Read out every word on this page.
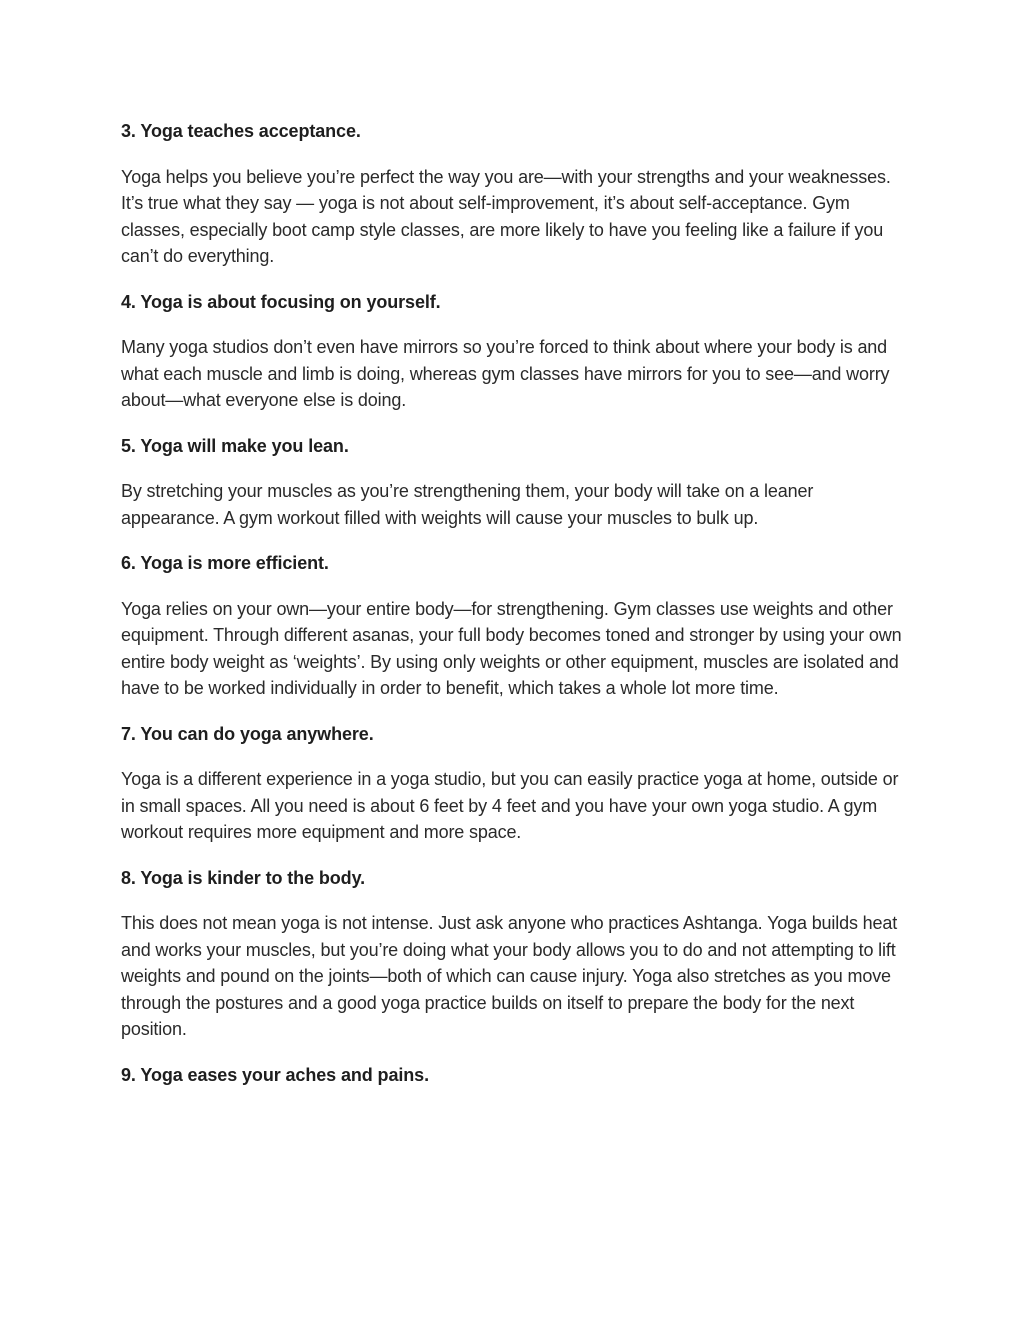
3. Yoga teaches acceptance.

Yoga helps you believe you’re perfect the way you are—with your strengths and your weaknesses. It’s true what they say — yoga is not about self-improvement, it’s about self-acceptance. Gym classes, especially boot camp style classes, are more likely to have you feeling like a failure if you can’t do everything.

4. Yoga is about focusing on yourself.

Many yoga studios don’t even have mirrors so you’re forced to think about where your body is and what each muscle and limb is doing, whereas gym classes have mirrors for you to see—and worry about—what everyone else is doing.

5. Yoga will make you lean.

By stretching your muscles as you’re strengthening them, your body will take on a leaner appearance. A gym workout filled with weights will cause your muscles to bulk up.

6. Yoga is more efficient.

Yoga relies on your own—your entire body—for strengthening. Gym classes use weights and other equipment. Through different asanas, your full body becomes toned and stronger by using your own entire body weight as ‘weights’. By using only weights or other equipment, muscles are isolated and have to be worked individually in order to benefit, which takes a whole lot more time.

7. You can do yoga anywhere.

Yoga is a different experience in a yoga studio, but you can easily practice yoga at home, outside or in small spaces. All you need is about 6 feet by 4 feet and you have your own yoga studio. A gym workout requires more equipment and more space.

8. Yoga is kinder to the body.

This does not mean yoga is not intense. Just ask anyone who practices Ashtanga. Yoga builds heat and works your muscles, but you’re doing what your body allows you to do and not attempting to lift weights and pound on the joints—both of which can cause injury. Yoga also stretches as you move through the postures and a good yoga practice builds on itself to prepare the body for the next position.

9. Yoga eases your aches and pains.
